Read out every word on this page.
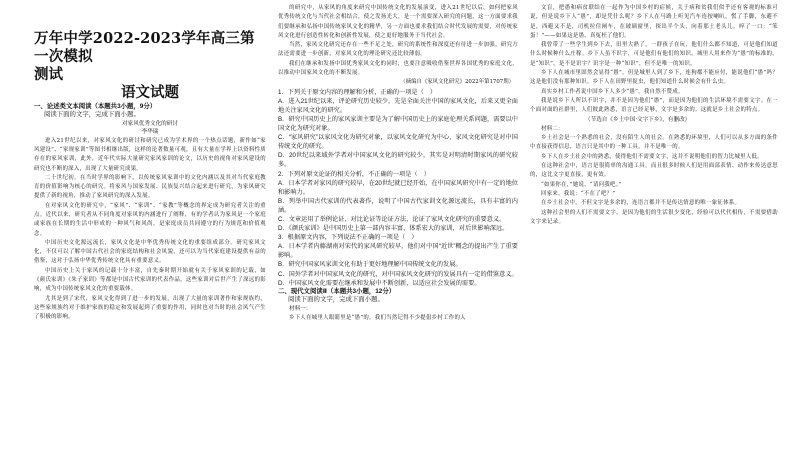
万年中学2022-2023学年高三第一次模拟
测试
语文试题

一、论述类文本阅读（本题共3小题，9分）

阅读下面的文字，完成下面小题。

对家风优秀文化的研讨

李华瑞

进入21世纪以来，对家风文化的研讨和研究已成为学术界的一个热点话题，新作如“家风建设”、“家规家训”等图书相继出版，这样的论著数量可观，且有大量在学界上以资料性质存在的家风家训，此外，近年代实际大量研究家风家训的论文，以历史的视角对家风建设的研究也不断的深入，出现了大量研究成果。

二十世纪初，在当时学界的影响下，以传统家风家训中的文化内涵以及其对当代家庭教育的价值影响为核心的研究。将家风与国家发展、民族复兴结合起来进行研究，为家风研究提供了新的视角，推动了家风研究的深入发展。

在对家风文化的研究中，“家风”、“家训”、“家教”等概念的界定成为研究者关注的重点。近代以来，研究者从不同角度对家风的内涵进行了阐释，有的学者认为家风是一个家庭或家族在长期的生活中形成的一种风气和风尚，是家庭成员共同遵守的行为规范和价值观念。

中国历史文化源远流长，家风文化是中华优秀传统文化的重要组成部分。研究家风文化，不仅可以了解中国古代社会的家庭结构和社会风貌，还可以为当代家庭建设提供有益的借鉴，这对于弘扬中华优秀传统文化具有重要意义。

中国历史上关于家风的记载十分丰富，自先秦时期开始就有关于家风家训的记载，如《颜氏家训》《朱子家训》等都是中国古代家训的代表作品，这些家训对后世产生了深远的影响，成为中国传统家风文化的重要载体。

尤其是到了宋代，家风文化得到了进一步的发展，出现了大量的家训著作和家规族约，这些家规族约对于维护家族的稳定和发展起到了重要的作用，同时也对当时的社会风气产生了积极的影响。

的研究中，从家风的角度来研究中国传统文化的发展演变，进入21世纪以后，如何把家风优秀传统文化与当代社会相结合，使之发扬光大，是一个需要深入研究的问题，这一方面要求我们要继承和弘扬中国传统家风文化的精华，另一方面也要求我们结合时代发展的需要，对传统家风文化进行创造性转化和创新性发展，使之更好地服务于当代社会。

当然，家风文化研究还存在一些不足之处，研究的系统性和深度还有待进一步加强，研究方法还需要进一步创新，对家风文化的理论研究还比较薄弱。

我们在继承和发扬中国优秀家风文化的同时，也要注意吸收借鉴世界各国优秀的家庭文化，以推动中国家风文化的不断发展。

（摘编自《家风文化研究》2022年第1707期）

1．下列关于原文内容的理解和分析，正确的一项是（　）

A．进入21世纪以来，评论研究历史较少，先是全面关注中国的家风文化，后来又更全面地关注家风文化的研究。

B．研究中国历史上的家风家训主要是为了解中国历史上的家庭伦理关系问题，需要以中国文化为研究对象。

C．“家风研究”以家风文化为研究对象，以家风文化研究为中心，家风文化研究是对中国传统文化的研究。

D．20世纪以来域外学者对中国家风文化的研究较少，其实是对明清时期家风的研究较多。

2．下列对原文论证的相关分析，不正确的一项是（　）

A．日本学者对家风的研究较早，在20世纪就已经开始，在中国家风研究中有一定的地位和影响力。

B．列举中国古代家训的代表著作，说明了中国古代家训文化源远流长，具有丰富的内涵。

C．文章运用了举例论证、对比论证等论证方法，论证了家风文化研究的重要意义。

D．《颜氏家训》是中国历史上第一部内容丰富、体系宏大的家训，对后世影响深远。

3．根据原文内容，下列说法不正确的一项是（　）

A．日本学者内藤湖南对宋代的家风研究较早，他们对中国“近世”概念的提出产生了重要影响。

B．研究中国家风家训文化有助于更好地理解中国传统文化的发展。

C．国外学者对中国家风文化的研究，对中国家风文化研究的发展具有一定的借鉴意义。

D．中国家风文化需要在继承和发展中不断创新，以适应社会发展的需要。

二、现代文阅读Ⅱ（本题共3小题，12分）

阅读下面的文字，完成下面小题。

材料一：

乡下人在城里人眼睛里是“愚”的。我们当然记得不少提倡乡村工作的人

文盲，把愚和病贫联结在一起作为中国乡村的症候，关于病和贫我们似乎还有客观的标准可说，但是说乡下人“愚”，却是凭什么呢？乡下人在马路上听见汽车连按喇叭，慌了手脚，东避不是，西避又不是，司机拉住闸车，在玻璃窗里，探出半个头，向着那土老头儿，啐了一口：“笨蛋！”——如果这是愚，真冤枉了他们。

我曾带了一些学生到乡下去，田里大熟了，一群孩子在玩，他们什么都不知道，可是他们知道什么时候种什么庄稼。乡下人虽不识字，可是他们有他们的知识。城里人用来作为“愚”的标准的，是“知识”，是不是识字？识字是一种“知识”，但不是唯一的知识。

乡下人在城市里固然会显得“愚”，但是城里人到了乡下，连狗都不能应付，能说他们“愚”吗？这是他们没有那种知识。乡下人在田野里捉虫，他们知道什么时候会有什么虫。

真实乡村工作者说中国乡下人多少“愚”，我自然不赞成。

我是说乡下人所以不识字，并不是因为他们“愚”，而是因为他们的生活环境不需要文字。在一个面对面的社群里，人们彼此熟悉，语言已经足够，文字是多余的。这就是乡土社会的特点。

（节选自《乡土中国·文字下乡》，有删改）

材料二：

乡土社会是一个熟悉的社会，没有陌生人的社会。在熟悉的环境里，人们可以从多方面的条件中直接获得信息，语言只是其中的一种工具，并不是唯一的。

乡下人在乡土社会中的熟悉，使得他们不需要文字，这并不说明他们的智力比城里人低。

在这种社会中，语言是很简单的沟通工具，而且很多时候人们是用面部表情、动作来传达意思的，这比文字更直接，更有效。

“如果你在，”她说，“请问我吧。”

回家来，我说：“不在了吧？”

在乡土社会中，不但文字是多余的，连语言都并不是传达情意的唯一象征体系。

这种社会里的人们不需要文字，是因为他们的生活很少变化，经验可以代代相传，不需要借助文字来记录。
